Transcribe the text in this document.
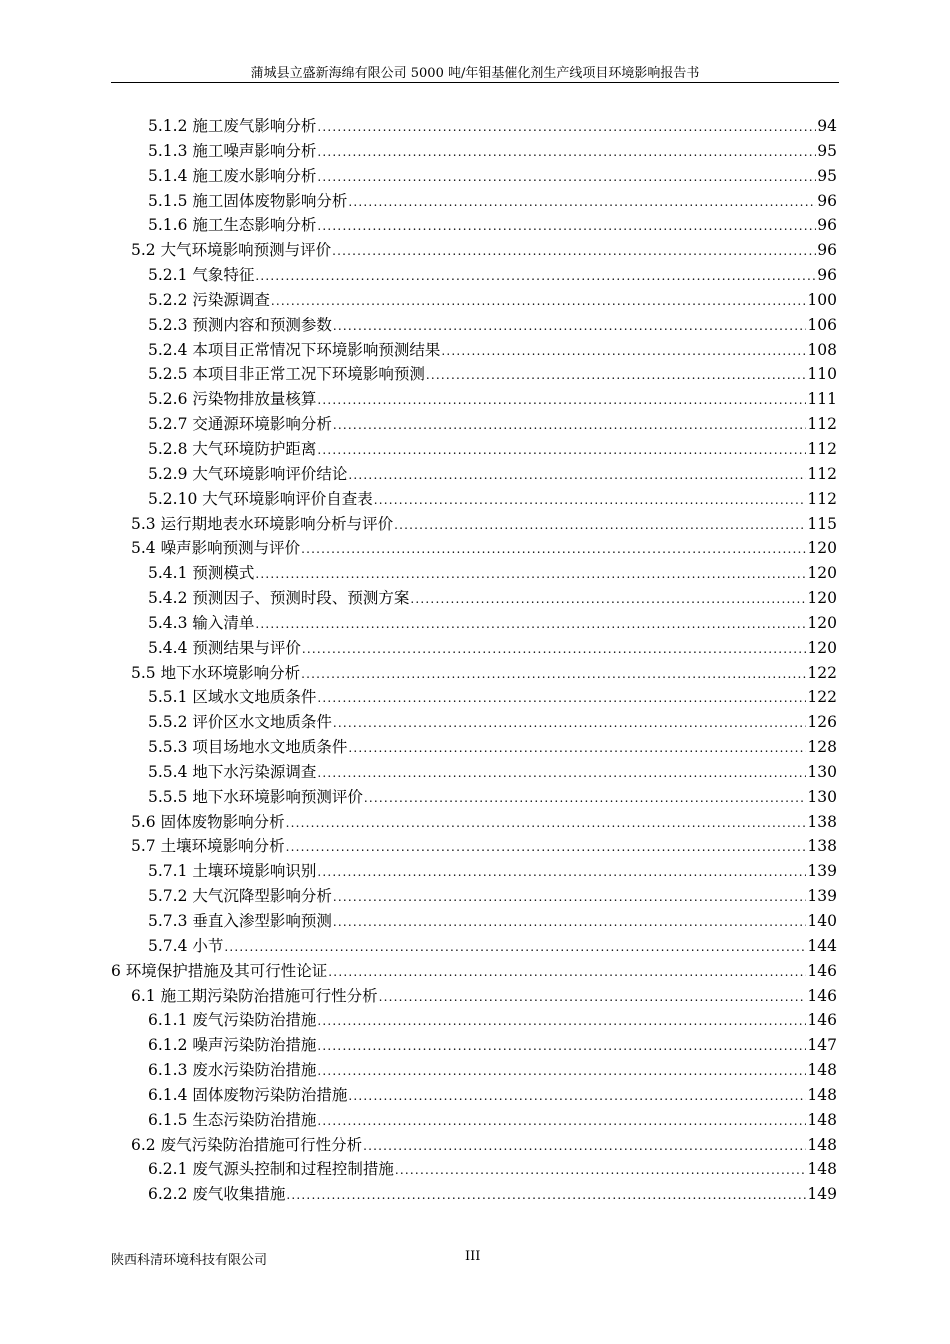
蒲城县立盛新海绵有限公司 5000 吨/年钼基催化剂生产线项目环境影响报告书
5.1.2 施工废气影响分析 .....	94
5.1.3 施工噪声影响分析 .....	95
5.1.4 施工废水影响分析 .....	95
5.1.5 施工固体废物影响分析 .....	96
5.1.6 施工生态影响分析 .....	96
5.2 大气环境影响预测与评价 .....	96
5.2.1 气象特征 .....	96
5.2.2 污染源调查 .....	100
5.2.3 预测内容和预测参数 .....	106
5.2.4 本项目正常情况下环境影响预测结果 .....	108
5.2.5 本项目非正常工况下环境影响预测 .....	110
5.2.6 污染物排放量核算 .....	111
5.2.7 交通源环境影响分析 .....	112
5.2.8 大气环境防护距离 .....	112
5.2.9 大气环境影响评价结论 .....	112
5.2.10 大气环境影响评价自查表 .....	112
5.3 运行期地表水环境影响分析与评价 .....	115
5.4 噪声影响预测与评价 .....	120
5.4.1 预测模式 .....	120
5.4.2 预测因子、预测时段、预测方案 .....	120
5.4.3 输入清单 .....	120
5.4.4 预测结果与评价 .....	120
5.5 地下水环境影响分析 .....	122
5.5.1 区域水文地质条件 .....	122
5.5.2 评价区水文地质条件 .....	126
5.5.3 项目场地水文地质条件 .....	128
5.5.4 地下水污染源调查 .....	130
5.5.5 地下水环境影响预测评价 .....	130
5.6 固体废物影响分析 .....	138
5.7 土壤环境影响分析 .....	138
5.7.1 土壤环境影响识别 .....	139
5.7.2 大气沉降型影响分析 .....	139
5.7.3 垂直入渗型影响预测 .....	140
5.7.4 小节 .....	144
6 环境保护措施及其可行性论证 .....	146
6.1 施工期污染防治措施可行性分析 .....	146
6.1.1 废气污染防治措施 .....	146
6.1.2 噪声污染防治措施 .....	147
6.1.3 废水污染防治措施 .....	148
6.1.4 固体废物污染防治措施 .....	148
6.1.5 生态污染防治措施 .....	148
6.2 废气污染防治措施可行性分析 .....	148
6.2.1 废气源头控制和过程控制措施 .....	148
6.2.2 废气收集措施 .....	149
陕西科清环境科技有限公司	III
